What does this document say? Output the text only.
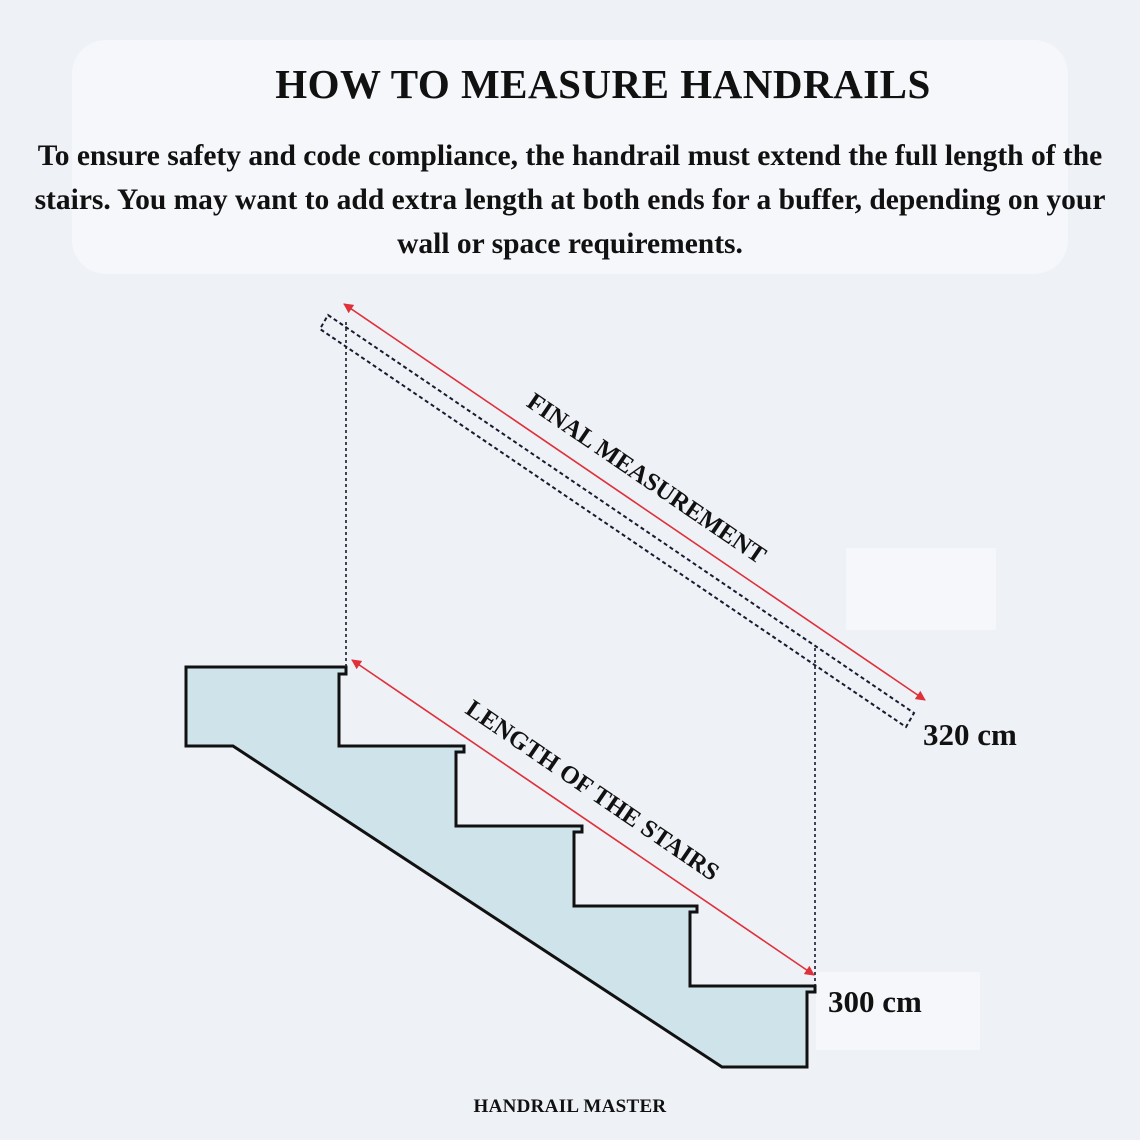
HOW TO MEASURE HANDRAILS
To ensure safety and code compliance, the handrail must extend the full length of the stairs. You may want to add extra length at both ends for a buffer, depending on your wall or space requirements.
FINAL MEASUREMENT
LENGTH OF THE STAIRS	320 cm
300 cm
HANDRAIL MASTER
